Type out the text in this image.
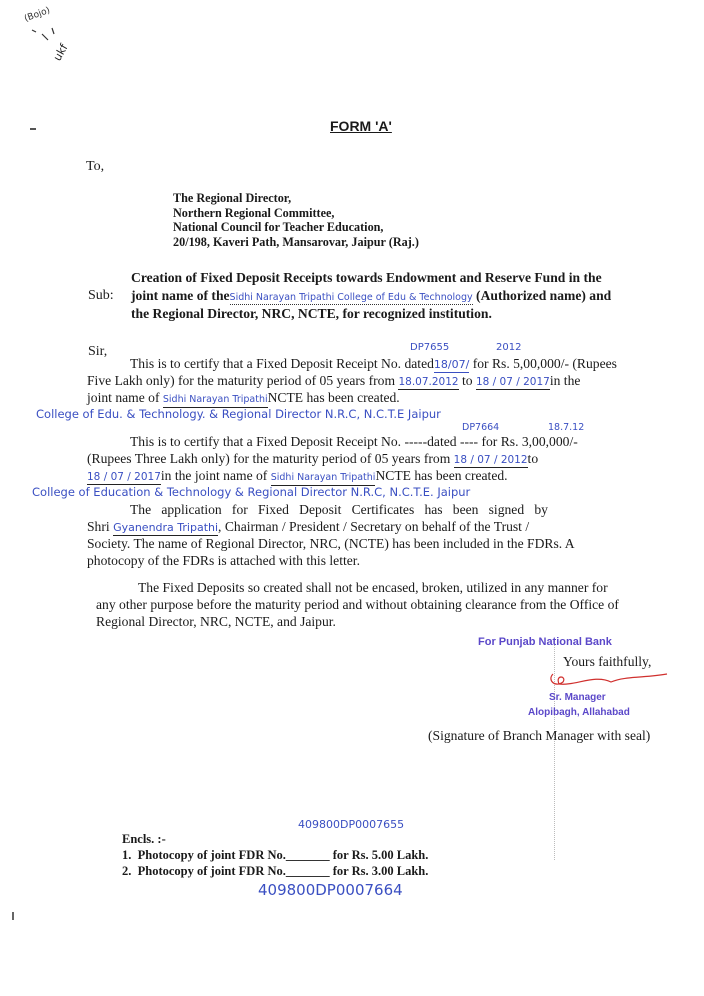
(Bojo)
ukf
FORM 'A'
To,
The Regional Director,
Northern Regional Committee,
National Council for Teacher Education,
20/198, Kaveri Path, Mansarovar, Jaipur (Raj.)
Sub:
Creation of Fixed Deposit Receipts towards Endowment and Reserve Fund in the
joint name of theSidhi Narayan Tripathi College of Edu & Technology (Authorized name) and
the Regional Director, NRC, NCTE, for recognized institution.
Sir,	DP7655	2012
This is to certify that a Fixed Deposit Receipt No. dated18/07/ for Rs. 5,00,000/- (Rupees
Five Lakh only) for the maturity period of 05 years from 18.07.2012 to 18 / 07 / 2017in the
joint name of Sidhi Narayan TripathiNCTE has been created.
College of Edu. & Technology. & Regional Director N.R.C, N.C.T.E Jaipur
DP7664	18.7.12
This is to certify that a Fixed Deposit Receipt No. -----dated ---- for Rs. 3,00,000/-
(Rupees Three Lakh only) for the maturity period of 05 years from 18 / 07 / 2012to
18 / 07 / 2017in the joint name of Sidhi Narayan TripathiNCTE has been created.
College of Education & Technology & Regional Director N.R.C, N.C.T.E. Jaipur
The   application   for   Fixed   Deposit   Certificates   has   been   signed   by
Shri Gyanendra Tripathi, Chairman / President / Secretary on behalf of the Trust /
Society. The name of Regional Director, NRC, (NCTE) has been included in the FDRs. A
photocopy of the FDRs is attached with this letter.
The Fixed Deposits so created shall not be encased, broken, utilized in any manner for
any other purpose before the maturity period and without obtaining clearance from the Office of
Regional Director, NRC, NCTE, and Jaipur.
For Punjab National Bank
Yours faithfully,
Sr. Manager
Alopibagh, Allahabad
(Signature of Branch Manager with seal)
409800DP0007655
Encls. :-
1. Photocopy of joint FDR No._______ for Rs. 5.00 Lakh.
2. Photocopy of joint FDR No._______ for Rs. 3.00 Lakh.
409800DP0007664
